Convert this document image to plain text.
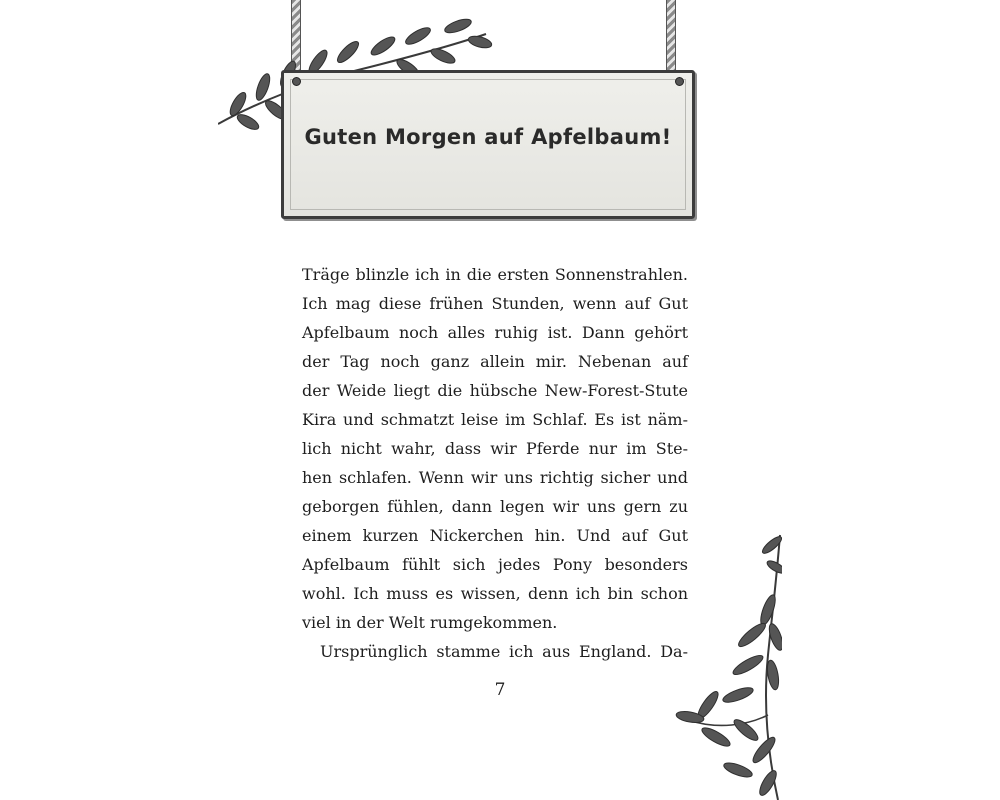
Guten Morgen auf Apfelbaum!
Träge blinzle ich in die ersten Sonnenstrahlen.
Ich mag diese frühen Stunden, wenn auf Gut
Apfelbaum noch alles ruhig ist. Dann gehört
der Tag noch ganz allein mir. Nebenan auf
der Weide liegt die hübsche New-Forest-Stute
Kira und schmatzt leise im Schlaf. Es ist näm-
lich nicht wahr, dass wir Pferde nur im Ste-
hen schlafen. Wenn wir uns richtig sicher und
geborgen fühlen, dann legen wir uns gern zu
einem kurzen Nickerchen hin. Und auf Gut
Apfelbaum fühlt sich jedes Pony besonders
wohl. Ich muss es wissen, denn ich bin schon
viel in der Welt rumgekommen.
Ursprünglich stamme ich aus England. Da-
7
